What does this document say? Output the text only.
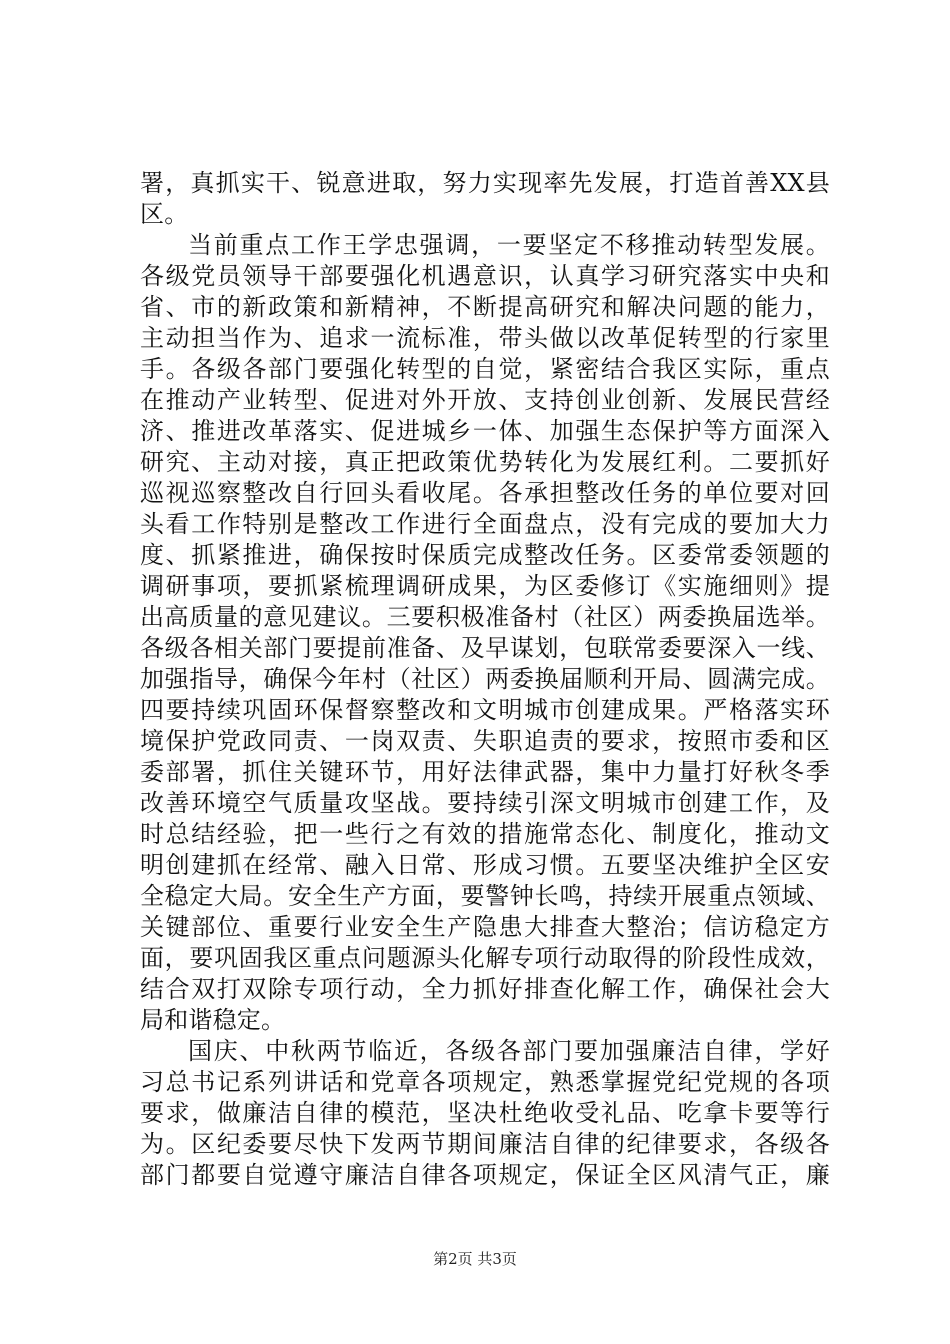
署，真抓实干、锐意进取，努力实现率先发展，打造首善XX县
区。
当前重点工作王学忠强调，一要坚定不移推动转型发展。
各级党员领导干部要强化机遇意识，认真学习研究落实中央和
省、市的新政策和新精神，不断提高研究和解决问题的能力，
主动担当作为、追求一流标准，带头做以改革促转型的行家里
手。各级各部门要强化转型的自觉，紧密结合我区实际，重点
在推动产业转型、促进对外开放、支持创业创新、发展民营经
济、推进改革落实、促进城乡一体、加强生态保护等方面深入
研究、主动对接，真正把政策优势转化为发展红利。二要抓好
巡视巡察整改自行回头看收尾。各承担整改任务的单位要对回
头看工作特别是整改工作进行全面盘点，没有完成的要加大力
度、抓紧推进，确保按时保质完成整改任务。区委常委领题的
调研事项，要抓紧梳理调研成果，为区委修订《实施细则》提
出高质量的意见建议。三要积极准备村（社区）两委换届选举。
各级各相关部门要提前准备、及早谋划，包联常委要深入一线、
加强指导，确保今年村（社区）两委换届顺利开局、圆满完成。
四要持续巩固环保督察整改和文明城市创建成果。严格落实环
境保护党政同责、一岗双责、失职追责的要求，按照市委和区
委部署，抓住关键环节，用好法律武器，集中力量打好秋冬季
改善环境空气质量攻坚战。要持续引深文明城市创建工作，及
时总结经验，把一些行之有效的措施常态化、制度化，推动文
明创建抓在经常、融入日常、形成习惯。五要坚决维护全区安
全稳定大局。安全生产方面，要警钟长鸣，持续开展重点领域、
关键部位、重要行业安全生产隐患大排查大整治；信访稳定方
面，要巩固我区重点问题源头化解专项行动取得的阶段性成效，
结合双打双除专项行动，全力抓好排查化解工作，确保社会大
局和谐稳定。
国庆、中秋两节临近，各级各部门要加强廉洁自律，学好
习总书记系列讲话和党章各项规定，熟悉掌握党纪党规的各项
要求，做廉洁自律的模范，坚决杜绝收受礼品、吃拿卡要等行
为。区纪委要尽快下发两节期间廉洁自律的纪律要求，各级各
部门都要自觉遵守廉洁自律各项规定，保证全区风清气正，廉
第2页 共3页
